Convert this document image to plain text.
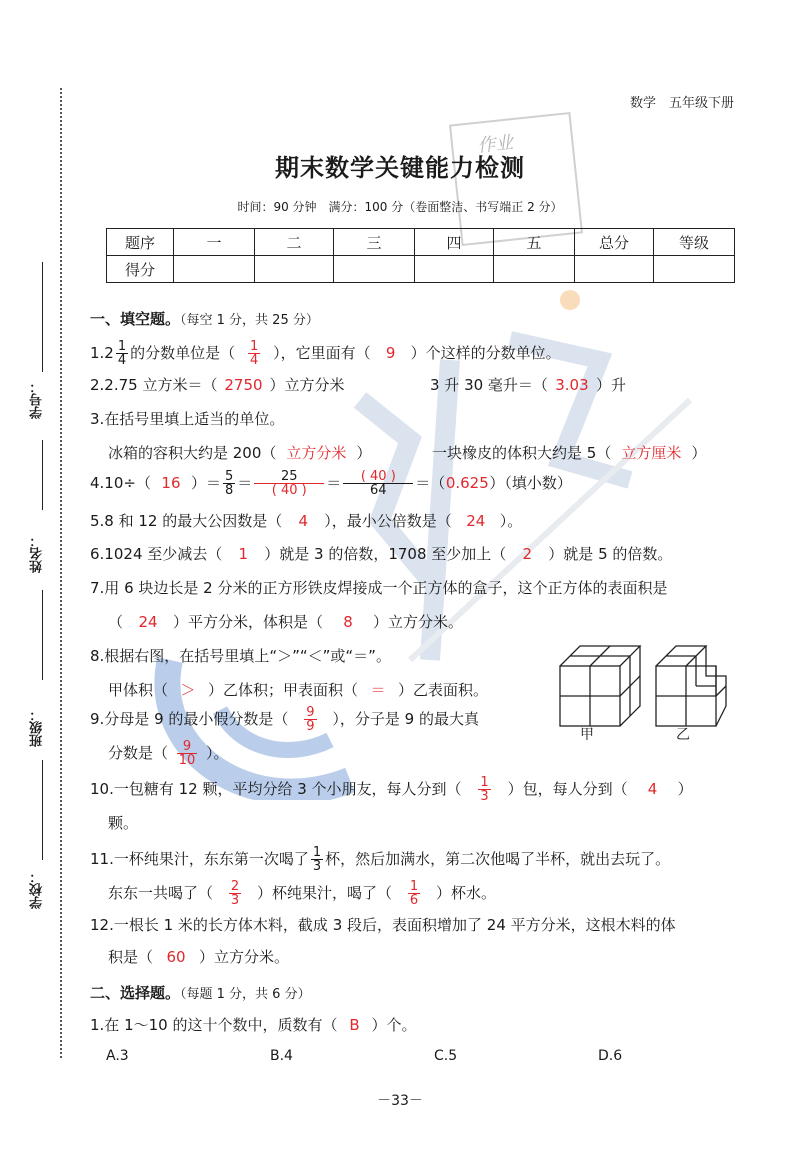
学号：
姓名：
班级：
学校：
数学　五年级下册
作业
期末数学关键能力检测
时间：90 分钟　满分：100 分（卷面整洁、书写端正 2 分）
题序	一	二	三	四	五	总分	等级
得分							
一、填空题。（每空 1 分，共 25 分）
$1.2 \frac{1}{4}$ 的分数单位是（ $\frac{1}{4}$ ），它里面有（ 9 ）个这样的分数单位。
2.2.75 立方米＝（ 2750 ）立方分米	3 升 30 毫升＝（ 3.03 ）升
3.在括号里填上适当的单位。
冰箱的容积大约是 200（ 立方分米 ）	一块橡皮的体积大约是 5（ 立方厘米 ）
4.10÷（ 16 ）＝ $\frac{5}{8} = \frac{25}{( 40 )} = \frac{( 40 )}{64} =(0.625)$（填小数）
5.8 和 12 的最大公因数是（ 4 ），最小公倍数是（ 24 ）。
6.1024 至少减去（ 1 ）就是 3 的倍数，1708 至少加上（ 2 ）就是 5 的倍数。
7.用 6 块边长是 2 分米的正方形铁皮焊接成一个正方体的盒子，这个正方体的表面积是
（ 24 ）平方分米，体积是（ 8 ）立方分米。
8.根据右图，在括号里填上“＞”“＜”或“＝”。
甲体积（ ＞ ）乙体积；甲表面积（ ＝ ）乙表面积。
甲	乙
9.分母是 9 的最小假分数是（ $\frac{9}{9}$ ），分子是 9 的最大真
分数是（ $\frac{9}{10}$ ）。
10.一包糖有 12 颗，平均分给 3 个小朋友，每人分到（ $\frac{1}{3}$ ）包，每人分到（ 4 ）
颗。
11.一杯纯果汁，东东第一次喝了 $\frac{1}{3}$ 杯，然后加满水，第二次他喝了半杯，就出去玩了。
东东一共喝了（ $\frac{2}{3}$ ）杯纯果汁，喝了（ $\frac{1}{6}$ ）杯水。
12.一根长 1 米的长方体木料，截成 3 段后，表面积增加了 24 平方分米，这根木料的体
积是（ 60 ）立方分米。
二、选择题。（每题 1 分，共 6 分）
1.在 1～10 的这十个数中，质数有（ B ）个。
A.3	B.4	C.5	D.6
－33－
